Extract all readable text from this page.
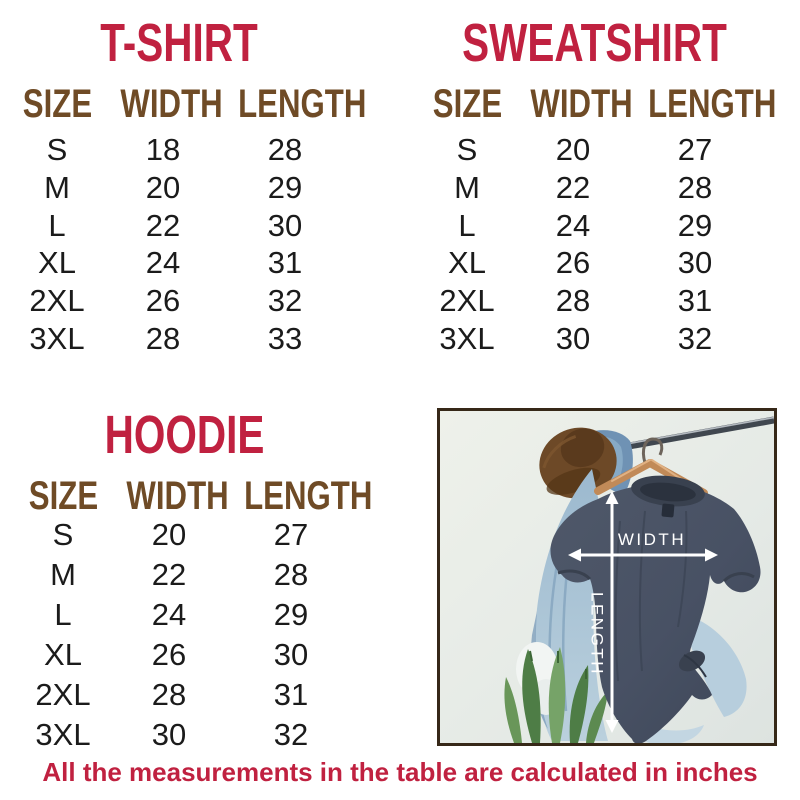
T-SHIRT
SIZE WIDTH LENGTH
S	18	28
M	20	29
L	22	30
XL	24	31
2XL	26	32
3XL	28	33
SWEATSHIRT
SIZE WIDTH LENGTH
S	20	27
M	22	28
L	24	29
XL	26	30
2XL	28	31
3XL	30	32
HOODIE
SIZE WIDTH LENGTH
S	20	27
M	22	28
L	24	29
XL	26	30
2XL	28	31
3XL	30	32
WIDTH
LENGTH
All the measurements in the table are calculated in inches
